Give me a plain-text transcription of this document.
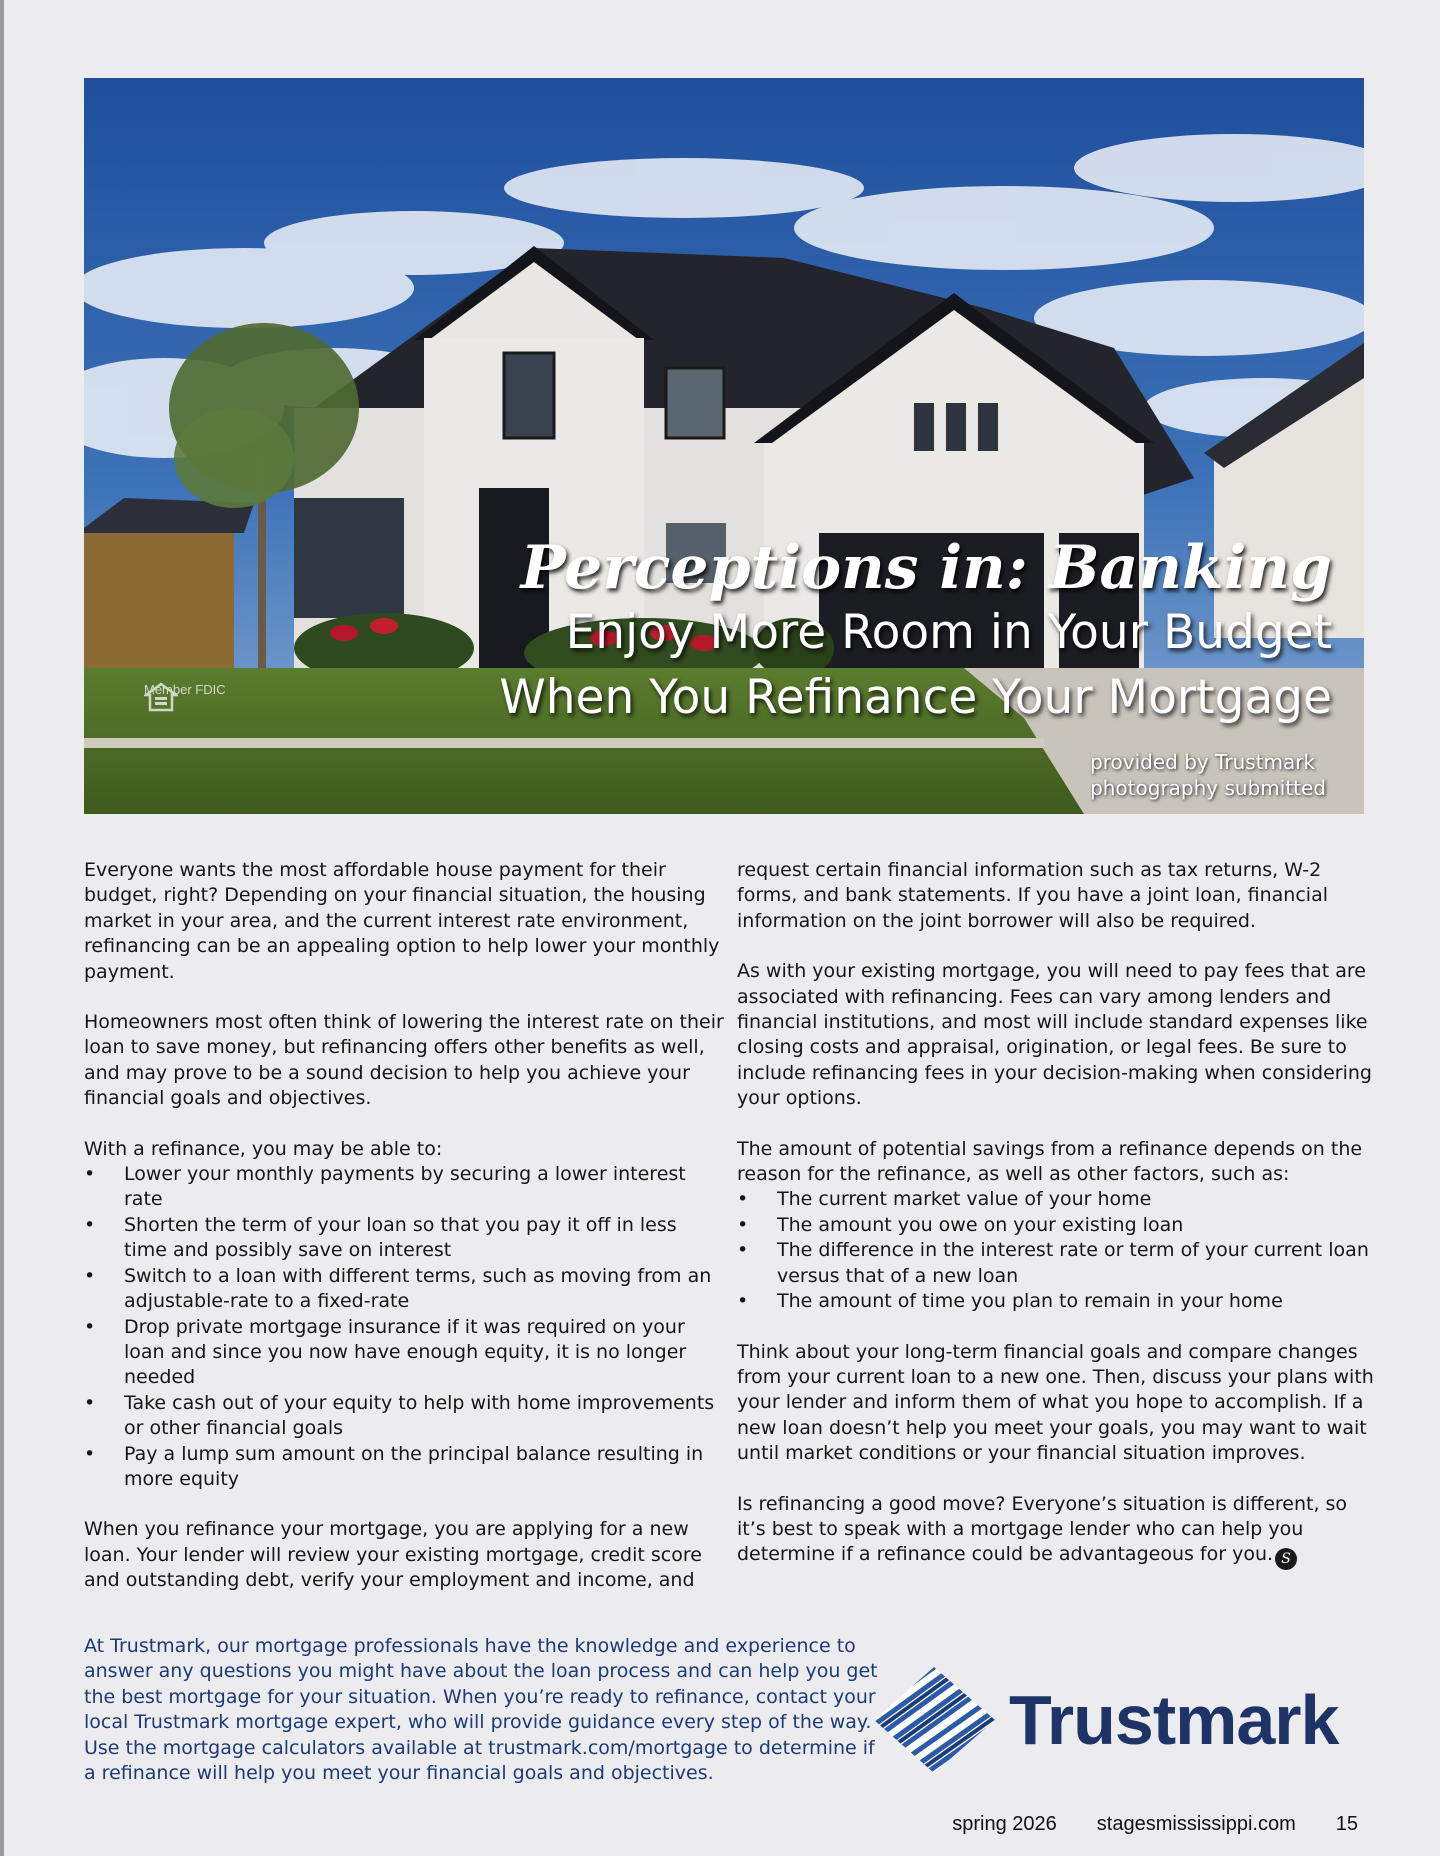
Member FDIC
Perceptions in: Banking
Enjoy More Room in Your Budget
When You Refinance Your Mortgage
provided by Trustmark
photography submitted

Everyone wants the most affordable house payment for their budget, right? Depending on your financial situation, the housing market in your area, and the current interest rate environment, refinancing can be an appealing option to help lower your monthly payment.

Homeowners most often think of lowering the interest rate on their loan to save money, but refinancing offers other benefits as well, and may prove to be a sound decision to help you achieve your financial goals and objectives.

With a refinance, you may be able to:
• Lower your monthly payments by securing a lower interest rate
• Shorten the term of your loan so that you pay it off in less time and possibly save on interest
• Switch to a loan with different terms, such as moving from an adjustable-rate to a fixed-rate
• Drop private mortgage insurance if it was required on your loan and since you now have enough equity, it is no longer needed
• Take cash out of your equity to help with home improvements or other financial goals
• Pay a lump sum amount on the principal balance resulting in more equity

When you refinance your mortgage, you are applying for a new loan. Your lender will review your existing mortgage, credit score and outstanding debt, verify your employment and income, and

request certain financial information such as tax returns, W-2 forms, and bank statements. If you have a joint loan, financial information on the joint borrower will also be required.

As with your existing mortgage, you will need to pay fees that are associated with refinancing. Fees can vary among lenders and financial institutions, and most will include standard expenses like closing costs and appraisal, origination, or legal fees. Be sure to include refinancing fees in your decision-making when considering your options.

The amount of potential savings from a refinance depends on the reason for the refinance, as well as other factors, such as:
• The current market value of your home
• The amount you owe on your existing loan
• The difference in the interest rate or term of your current loan versus that of a new loan
• The amount of time you plan to remain in your home

Think about your long-term financial goals and compare changes from your current loan to a new one. Then, discuss your plans with your lender and inform them of what you hope to accomplish. If a new loan doesn’t help you meet your goals, you may want to wait until market conditions or your financial situation improves.

Is refinancing a good move? Everyone’s situation is different, so it’s best to speak with a mortgage lender who can help you determine if a refinance could be advantageous for you. S

At Trustmark, our mortgage professionals have the knowledge and experience to answer any questions you might have about the loan process and can help you get the best mortgage for your situation. When you’re ready to refinance, contact your local Trustmark mortgage expert, who will provide guidance every step of the way. Use the mortgage calculators available at trustmark.com/mortgage to determine if a refinance will help you meet your financial goals and objectives.
Trustmark
spring 2026 stagesmississippi.com 15
